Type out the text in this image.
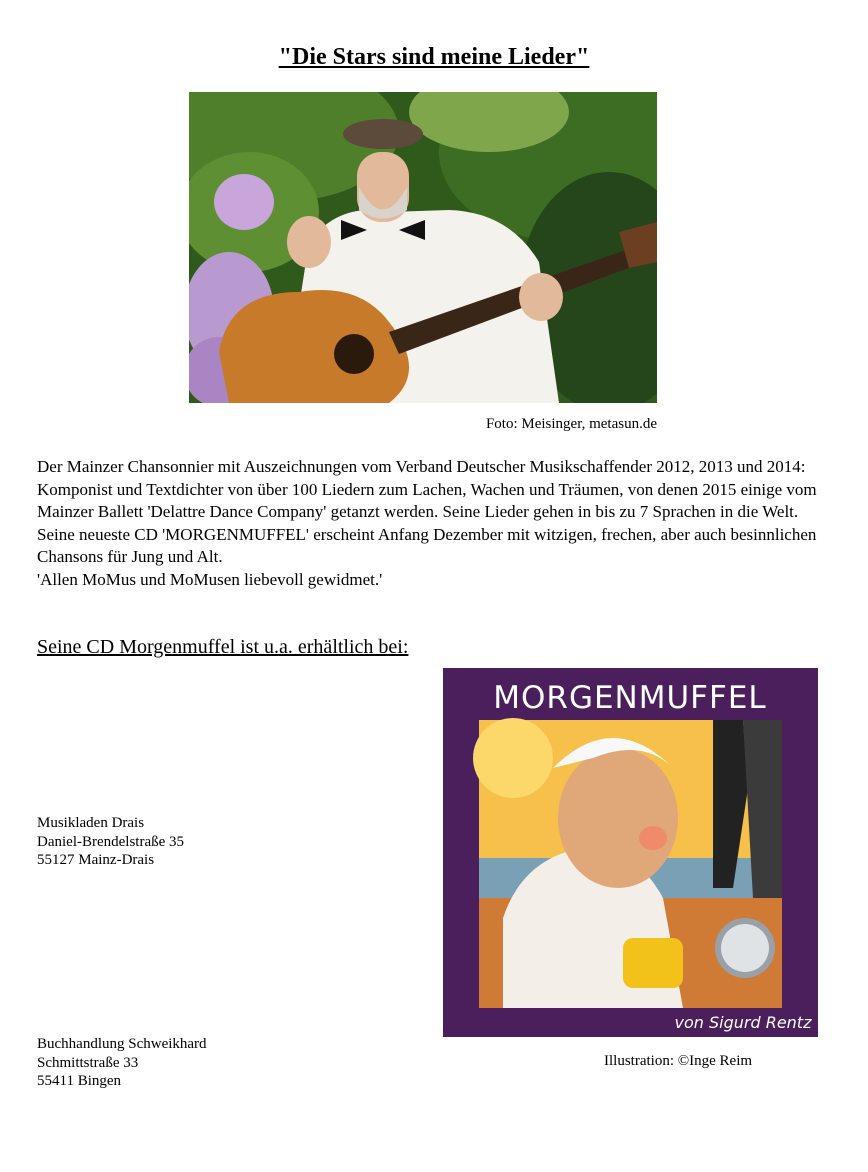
"Die Stars sind meine Lieder"
Foto: Meisinger, metasun.de

Der Mainzer Chansonnier mit Auszeichnungen vom Verband Deutscher Musikschaffender 2012, 2013 und 2014: Komponist und Textdichter von über 100 Liedern zum Lachen, Wachen und Träumen, von denen 2015 einige vom Mainzer Ballett 'Delattre Dance Company' getanzt werden. Seine Lieder gehen in bis zu 7 Sprachen in die Welt. Seine neueste CD 'MORGENMUFFEL' erscheint Anfang Dezember mit witzigen, frechen, aber auch besinnlichen Chansons für Jung und Alt.

'Allen MoMus und MoMusen liebevoll gewidmet.'

Seine CD Morgenmuffel ist u.a. erhältlich bei:
MORGENMUFFEL
von Sigurd Rentz
Musikladen Drais
Daniel-Brendelstraße 35
55127 Mainz-Drais
Buchhandlung Schweikhard
Schmittstraße 33
55411 Bingen
Illustration: ©Inge Reim
